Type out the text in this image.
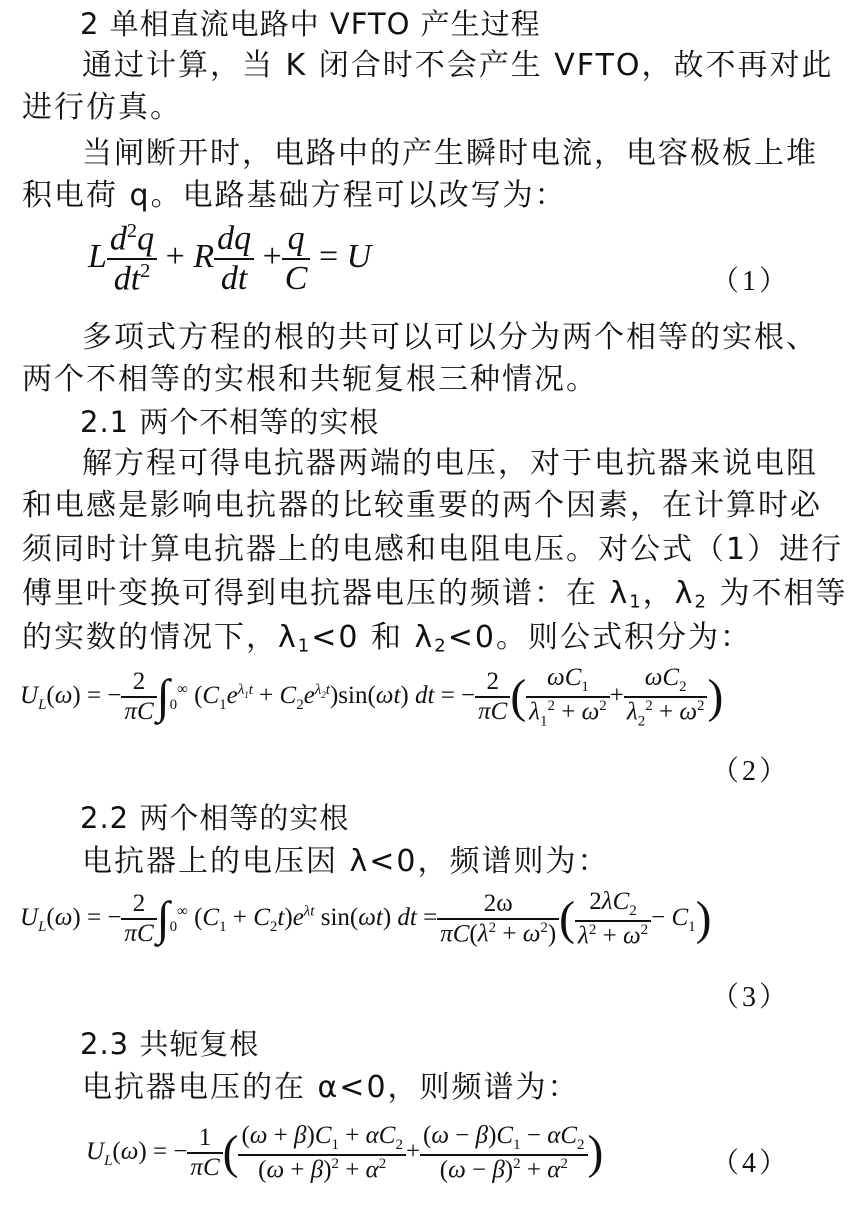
2 单相直流电路中 VFTO 产生过程
通过计算，当 K 闭合时不会产生 VFTO，故不再对此
进行仿真。
当闸断开时，电路中的产生瞬时电流，电容极板上堆
积电荷 q。电路基础方程可以改写为：
L $\frac{d^2q}{dt^2} + R \frac{dq}{dt} + \frac{q}{C} = U$
（1）
多项式方程的根的共可以可以分为两个相等的实根、
两个不相等的实根和共轭复根三种情况。
2.1 两个不相等的实根
解方程可得电抗器两端的电压，对于电抗器来说电阻
和电感是影响电抗器的比较重要的两个因素，在计算时必
须同时计算电抗器上的电感和电阻电压。对公式（1）进行
傅里叶变换可得到电抗器电压的频谱：在 $\lambda_1$，$\lambda_2$ 为不相等
的实数的情况下，$\lambda_1<0$ 和 $\lambda_2<0$。则公式积分为：
$U_L(\omega)$ = − $\frac{2}{\pi C} \int_0^\infty$ $(C_1e^{\lambda_1t} + C_2e^{\lambda_2t})\sin(\omega t)$ dt = − $\frac{2}{\pi C}$ ( $\frac{\omega C_1}{\lambda_1^2 + \omega^2} + \frac{\omega C_2}{\lambda_2^2 + \omega^2}$ )
（2）
2.2 两个相等的实根
电抗器上的电压因 λ<0，频谱则为：
$U_L(\omega)$ = − $\frac{2}{\pi C} \int_0^\infty$ $(C_1 + C_2t)e^{\lambda t}$ sin(ωt) dt = $\frac{2\omega}{\pi C(\lambda^2 + \omega^2)}$ ( $\frac{2\lambda C_2}{\lambda^2 + \omega^2} - C_1$)
（3）
2.3 共轭复根
电抗器电压的在 α<0，则频谱为：
$U_L(\omega)$ = − $\frac{1}{\pi C}$ ( $\frac{(\omega + \beta)C_1 + \alpha C_2}{(\omega + \beta)^2 + \alpha^2} + \frac{(\omega - \beta)C_1 - \alpha C_2}{(\omega - \beta)^2 + \alpha^2}$ )	（4）
